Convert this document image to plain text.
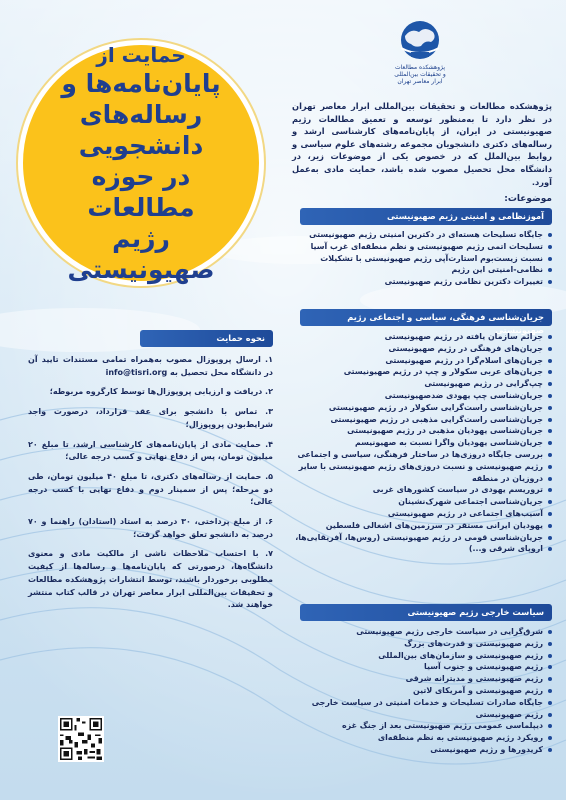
پژوهشکده مطالعات
و تحقیقات بین‌المللی
ابرار معاصر تهران
حمایت از
پایان‌نامه‌ها و
رساله‌های دانشجویی
در حوزه مطالعات
رژیم صهیونیستی

پژوهشکده مطالعات و تحقیقات بین‌المللی ابرار معاصر تهران در نظر دارد تا به‌منظور توسعه و تعمیق مطالعات رژیم صهیونیستی در ایران، از پایان‌نامه‌های کارشناسی ارشد و رساله‌های دکتری دانشجویان مجموعه رشته‌های علوم سیاسی و روابط بین‌الملل که در خصوص یکی از موضوعات زیر، در دانشگاه محل تحصیل مصوب شده باشد، حمایت مادی به‌عمل آورد.

موضوعات:
آموزنظامی و امنیتی رژیم صهیونیستی
جایگاه تسلیحات هسته‌ای در دکترین امنیتی رژیم صهیونیستی
تسلیحات اتمی رژیم صهیونیستی و نظم منطقه‌ای غرب آسیا
نسبت زیست‌بوم استارت‌آپی رژیم صهیونیستی با تشکیلات
نظامی-امنیتی این رژیم
تغییرات دکترین نظامی رژیم صهیونیستی
جریان‌شناسی فرهنگی، سیاسی و اجتماعی رژیم صهیونیستی
جرائم سازمان یافته در رژیم صهیونیستی
جریان‌های فرهنگی در رژیم صهیونیستی
جریان‌های اسلام‌گرا در رژیم صهیونیستی
جریان‌های عربی سکولار و چپ در رژیم صهیونیستی
چپ‌گرایی در رژیم صهیونیستی
جریان‌شناسی چپ یهودی ضدصهیونیستی
جریان‌شناسی راست‌گرایی سکولار در رژیم صهیونیستی
جریان‌شناسی راست‌گرایی مذهبی در رژیم صهیونیستی
جریان‌شناسی یهودیان مذهبی در رژیم صهیونیستی
جریان‌شناسی یهودیان واگرا نسبت به صهیونیسم
بررسی جایگاه دروزی‌ها در ساختار فرهنگی، سیاسی و اجتماعی
رژیم صهیونیستی و نسبت دروزی‌های رژیم صهیونیستی با سایر
دروزیان در منطقه
تروریسم یهودی در سیاست کشورهای غربی
جریان‌شناسی اجتماعی شهرک‌نشینان
آسیب‌های اجتماعی در رژیم صهیونیستی
یهودیان ایرانی مستقر در سرزمین‌های اشغالی فلسطین
جریان‌شناسی قومی در رژیم صهیونیستی (روس‌ها، آفریقایی‌ها،
اروپای شرقی و...)
سیاست خارجی رژیم صهیونیستی
شرق‌گرایی در سیاست خارجی رژیم صهیونیستی
رژیم صهیونیستی و قدرت‌های بزرگ
رژیم صهیونیستی و سازمان‌های بین‌المللی
رژیم صهیونیستی و جنوب آسیا
رژیم صهیونیستی و مدیترانه شرقی
رژیم صهیونیستی و آمریکای لاتین
جایگاه صادرات تسلیحات و خدمات امنیتی در سیاست خارجی
رژیم صهیونیستی
دیپلماسی عمومی رژیم صهیونیستی بعد از جنگ غزه
رویکرد رژیم صهیونیستی به نظم منطقه‌ای
کریدورها و رژیم صهیونیستی
نحوه حمایت
۱. ارسال پروپوزال مصوب به‌همراه تمامی مستندات تایید آن در دانشگاه محل تحصیل به info@tisri.org
۲. دریافت و ارزیابی پروپوزال‌ها توسط کارگروه مربوطه؛
۳. تماس با دانشجو برای عقد قرارداد، درصورت واجد شرایط‌بودن پروپوزال؛
۴. حمایت مادی از پایان‌نامه‌های کارشناسی ارشد، تا مبلغ ۲۰ میلیون تومان، پس از دفاع نهایی و کسب درجه عالی؛
۵. حمایت از رساله‌های دکتری، تا مبلغ ۴۰ میلیون تومان، طی دو مرحله؛ پس از سمینار دوم و دفاع نهایی با کسب درجه عالی؛
۶. از مبلغ پرداختی، ۳۰ درصد به استاد (استادان) راهنما و ۷۰ درصد به دانشجو تعلق خواهد گرفت؛
۷. با احتساب ملاحظات ناشی از مالکیت مادی و معنوی دانشگاه‌ها، درصورتی که پایان‌نامه‌ها و رساله‌ها از کیفیت مطلوبی برخوردار باشند، توسط انتشارات پژوهشکده مطالعات و تحقیقات بین‌المللی ابرار معاصر تهران در قالب کتاب منتشر خواهند شد.
